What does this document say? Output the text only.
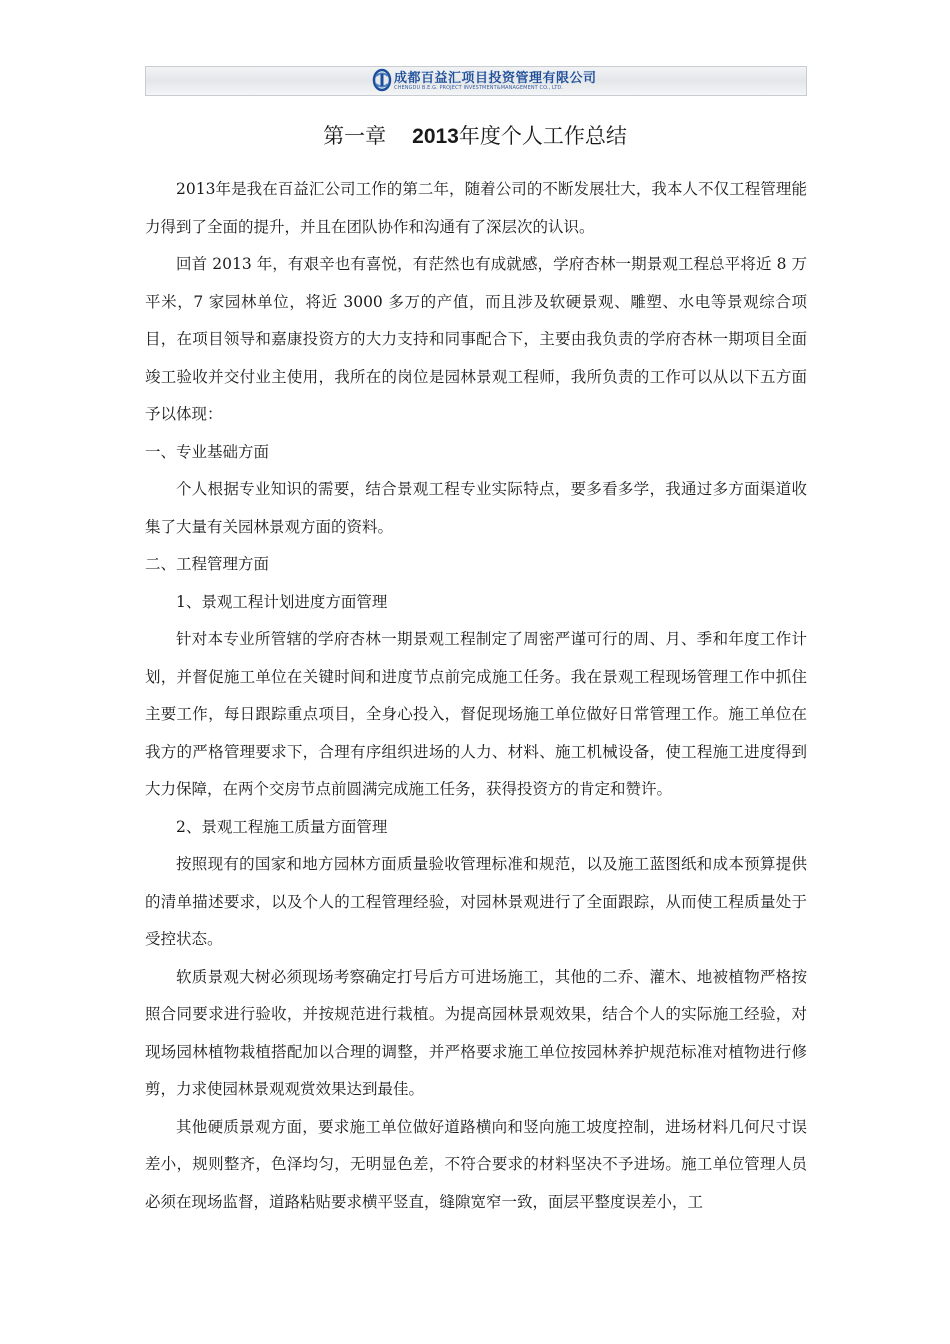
成都百益汇项目投资管理有限公司
CHENGDU B.E.G. PROJECT INVESTMENT&MANAGEMENT CO., LTD.
第一章 2013年度个人工作总结

2013年是我在百益汇公司工作的第二年，随着公司的不断发展壮大，我本人不仅工程管理能力得到了全面的提升，并且在团队协作和沟通有了深层次的认识。

回首 2013 年，有艰辛也有喜悦，有茫然也有成就感，学府杏林一期景观工程总平将近 8 万平米，7 家园林单位，将近 3000 多万的产值，而且涉及软硬景观、雕塑、水电等景观综合项目，在项目领导和嘉康投资方的大力支持和同事配合下，主要由我负责的学府杏林一期项目全面竣工验收并交付业主使用，我所在的岗位是园林景观工程师，我所负责的工作可以从以下五方面予以体现：

一、专业基础方面

个人根据专业知识的需要，结合景观工程专业实际特点，要多看多学，我通过多方面渠道收集了大量有关园林景观方面的资料。

二、工程管理方面

1、景观工程计划进度方面管理

针对本专业所管辖的学府杏林一期景观工程制定了周密严谨可行的周、月、季和年度工作计划，并督促施工单位在关键时间和进度节点前完成施工任务。我在景观工程现场管理工作中抓住主要工作，每日跟踪重点项目，全身心投入，督促现场施工单位做好日常管理工作。施工单位在我方的严格管理要求下，合理有序组织进场的人力、材料、施工机械设备，使工程施工进度得到大力保障，在两个交房节点前圆满完成施工任务，获得投资方的肯定和赞许。

2、景观工程施工质量方面管理

按照现有的国家和地方园林方面质量验收管理标准和规范，以及施工蓝图纸和成本预算提供的清单描述要求，以及个人的工程管理经验，对园林景观进行了全面跟踪，从而使工程质量处于受控状态。

软质景观大树必须现场考察确定打号后方可进场施工，其他的二乔、灌木、地被植物严格按照合同要求进行验收，并按规范进行栽植。为提高园林景观效果，结合个人的实际施工经验，对现场园林植物栽植搭配加以合理的调整，并严格要求施工单位按园林养护规范标准对植物进行修剪，力求使园林景观观赏效果达到最佳。

其他硬质景观方面，要求施工单位做好道路横向和竖向施工坡度控制，进场材料几何尺寸误差小，规则整齐，色泽均匀，无明显色差，不符合要求的材料坚决不予进场。施工单位管理人员必须在现场监督，道路粘贴要求横平竖直，缝隙宽窄一致，面层平整度误差小，工
